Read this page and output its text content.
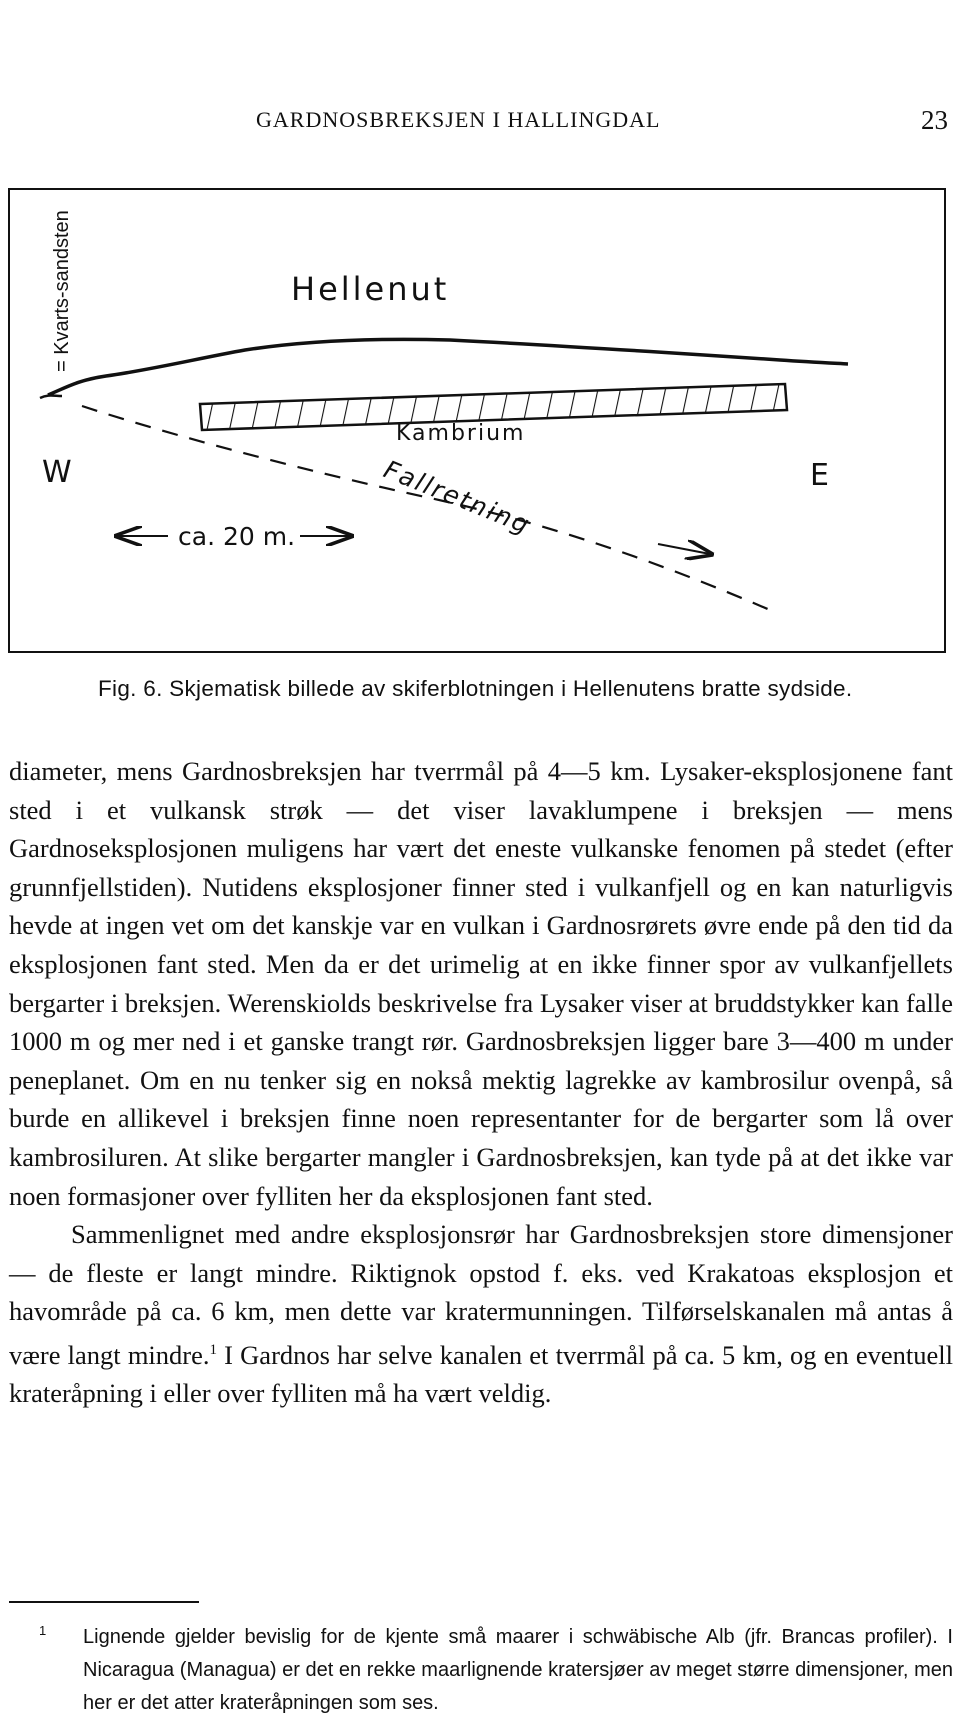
GARDNOSBREKSJEN I HALLINGDAL	23
= Kvarts-sandsten	Hellenut
Kambrium
Fallretning
W	E
ca. 20 m.
Fig. 6. Skjematisk billede av skiferblotningen i Hellenutens bratte sydside.

diameter, mens Gardnosbreksjen har tverrmål på 4—5 km. Lysaker-eksplosjonene fant sted i et vulkansk strøk — det viser lavaklumpene i breksjen — mens Gardnoseksplosjonen muligens har vært det eneste vulkanske fenomen på stedet (efter grunnfjellstiden). Nutidens eksplosjoner finner sted i vulkanfjell og en kan naturligvis hevde at ingen vet om det kanskje var en vulkan i Gardnosrørets øvre ende på den tid da eksplosjonen fant sted. Men da er det urimelig at en ikke finner spor av vulkanfjellets bergarter i breksjen. Werenskiolds beskrivelse fra Lysaker viser at bruddstykker kan falle 1000 m og mer ned i et ganske trangt rør. Gardnosbreksjen ligger bare 3—400 m under peneplanet. Om en nu tenker sig en nokså mektig lagrekke av kambrosilur ovenpå, så burde en allikevel i breksjen finne noen representanter for de bergarter som lå over kambrosiluren. At slike bergarter mangler i Gardnosbreksjen, kan tyde på at det ikke var noen formasjoner over fylliten her da eksplosjonen fant sted.

Sammenlignet med andre eksplosjonsrør har Gardnosbreksjen store dimensjoner — de fleste er langt mindre. Riktignok opstod f. eks. ved Krakatoas eksplosjon et havområde på ca. 6 km, men dette var kratermunningen. Tilførselskanalen må antas å være langt mindre.$^1$ I Gardnos har selve kanalen et tverrmål på ca. 5 km, og en eventuell krateråpning i eller over fylliten må ha vært veldig.

$^1$	Lignende gjelder bevislig for de kjente små maarer i schwäbische Alb (jfr. Brancas profiler). I Nicaragua (Managua) er det en rekke maarlignende kratersjøer av meget større dimensjoner, men her er det atter krateråpningen som ses.
